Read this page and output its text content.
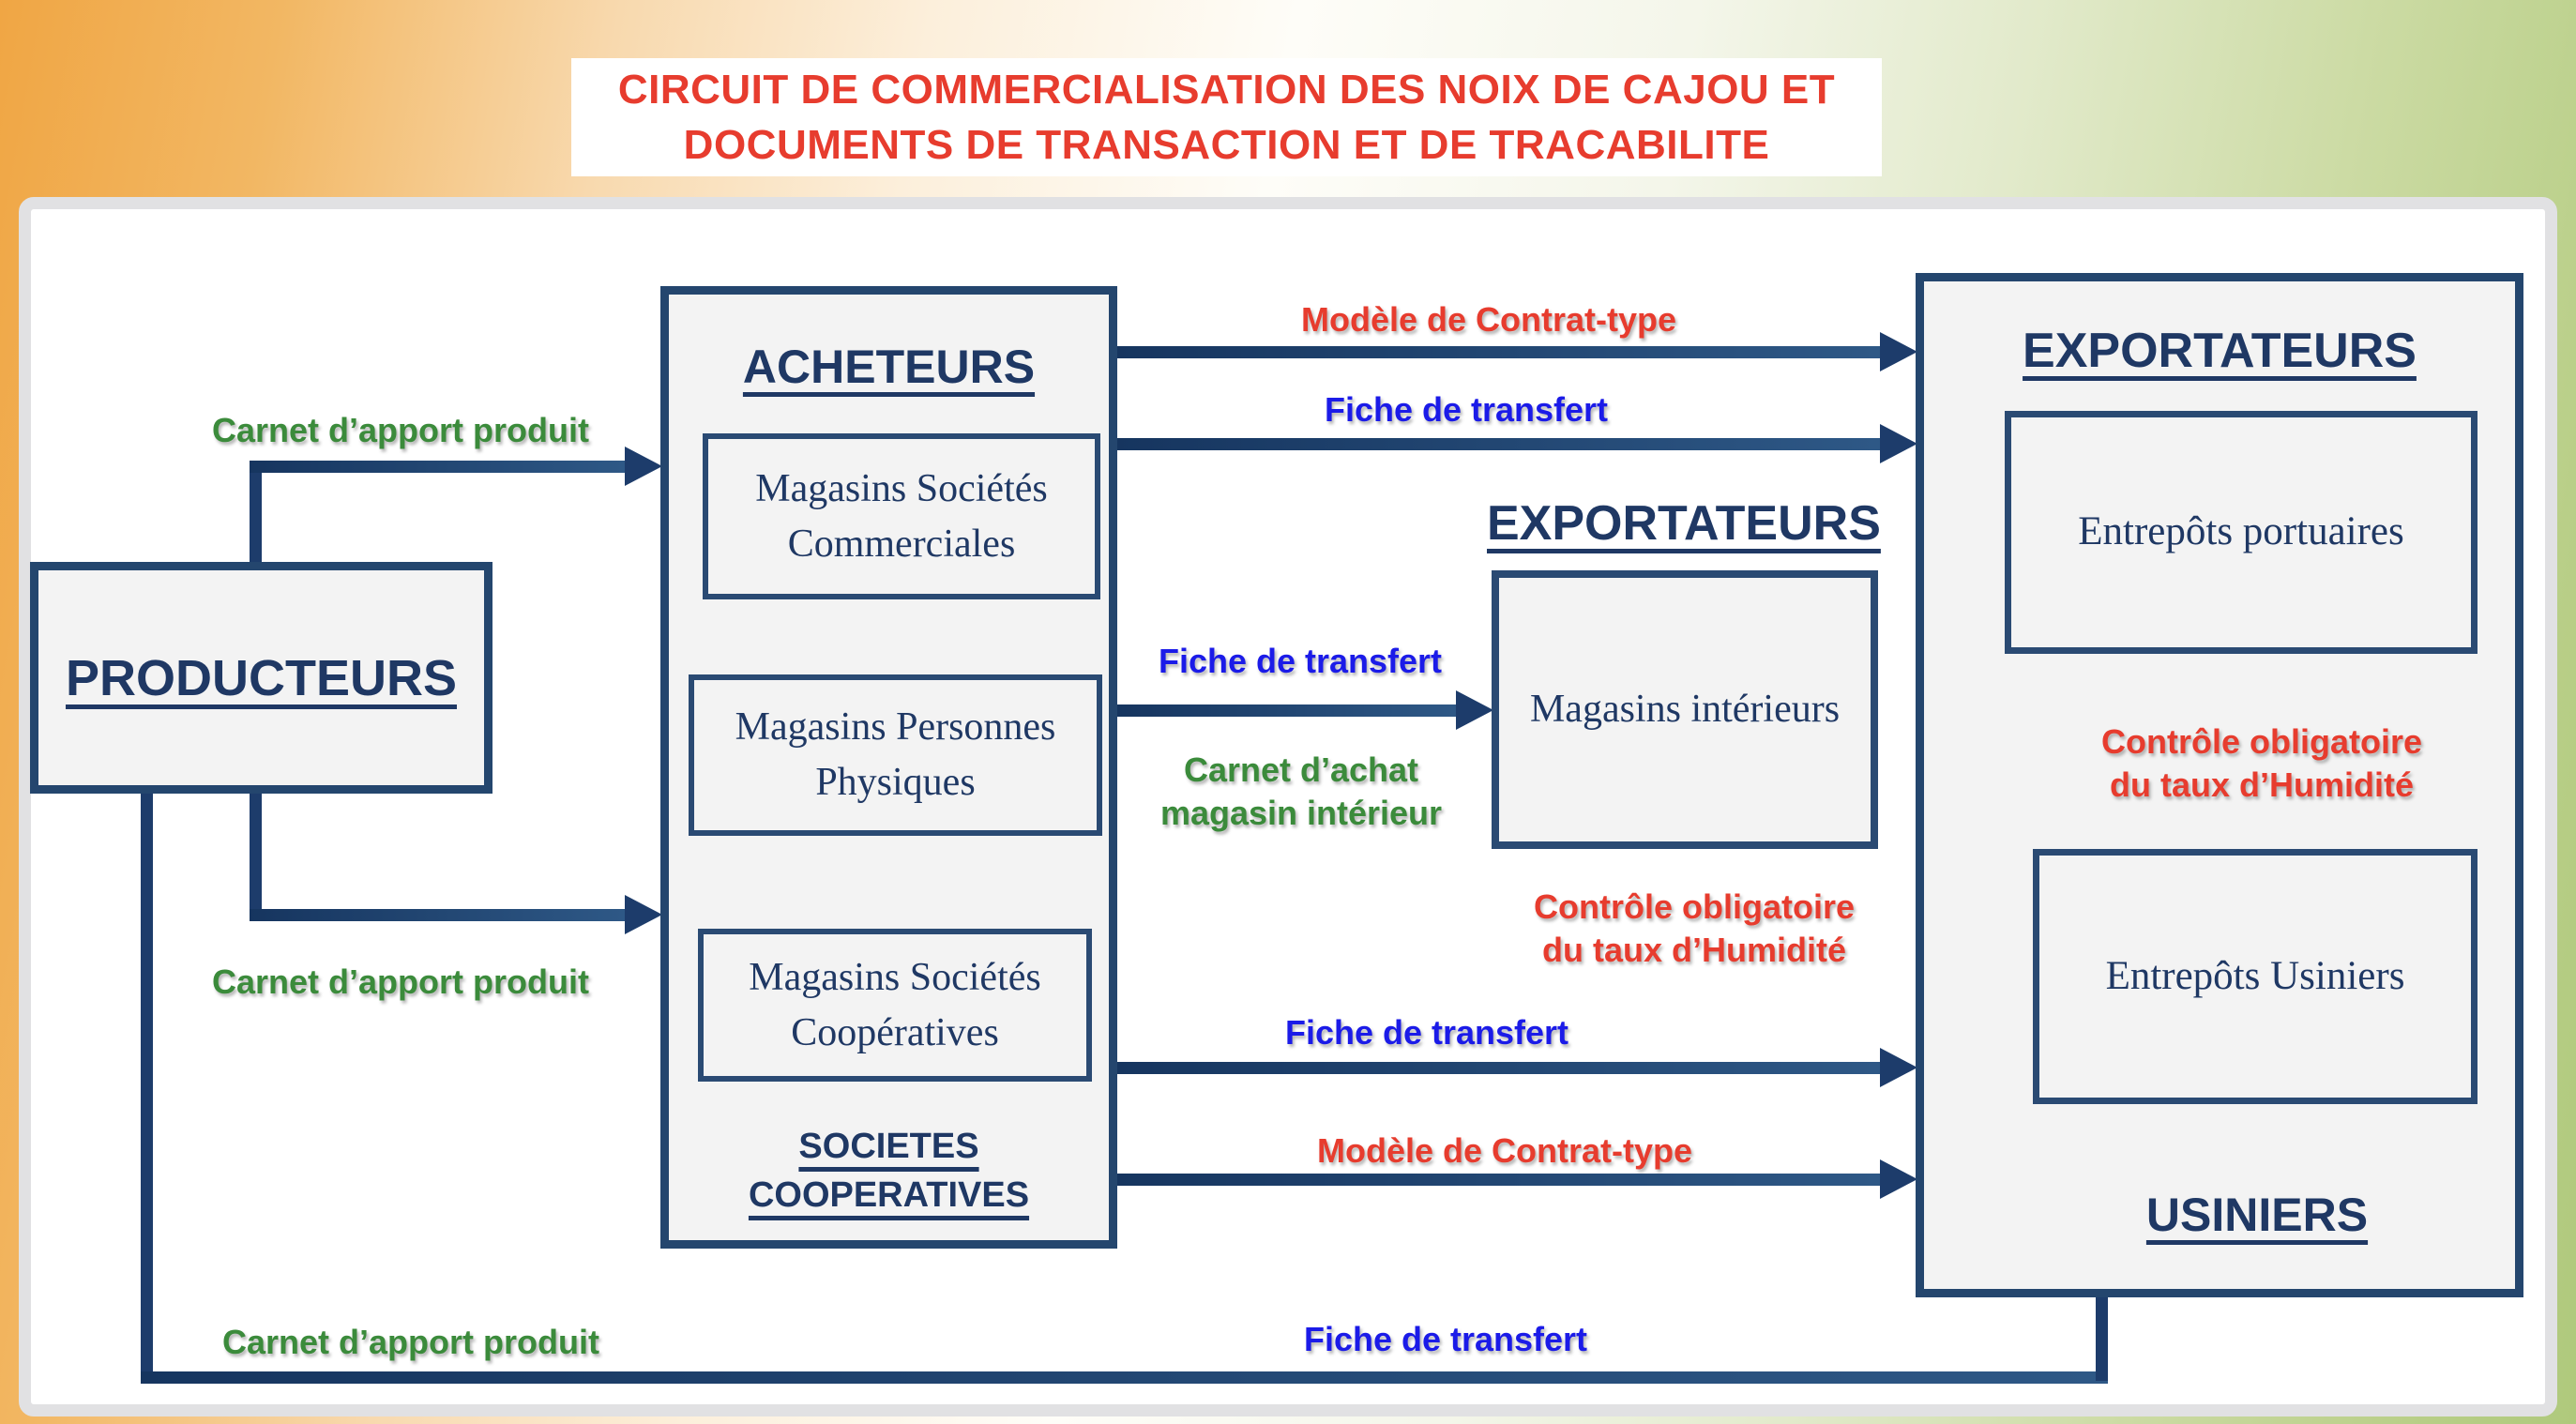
CIRCUIT DE COMMERCIALISATION DES NOIX DE CAJOU ET
DOCUMENTS DE TRANSACTION ET DE TRACABILITE
PRODUCTEURS
ACHETEURS
Magasins Sociétés Commerciales
Magasins Personnes Physiques
Magasins Sociétés Coopératives
SOCIETES
COOPERATIVES
EXPORTATEURS
Magasins intérieurs
EXPORTATEURS
Entrepôts portuaires
Contrôle obligatoire
du taux d’Humidité
Entrepôts Usiniers
USINIERS
Carnet d’apport produit
Carnet d’apport produit
Carnet d’apport produit
Modèle de Contrat-type
Fiche de transfert
Fiche de transfert
Carnet d’achat
magasin intérieur
Contrôle obligatoire
du taux d’Humidité
Fiche de transfert
Modèle de Contrat-type
Fiche de transfert
